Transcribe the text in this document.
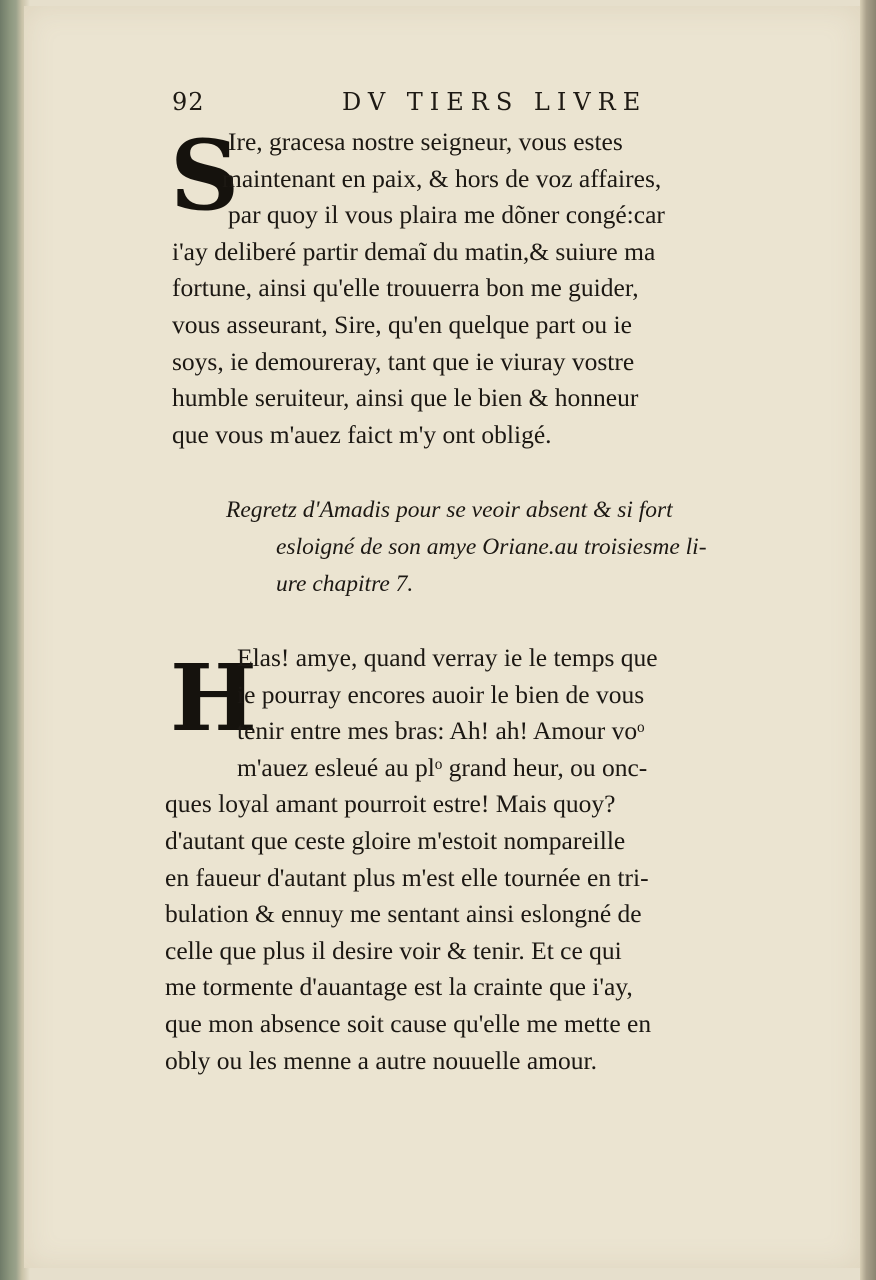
92	DV TIERS LIVRE
S
Ire, gracesa nostre seigneur, vous estes
maintenant en paix, & hors de voz affaires,
par quoy il vous plaira me dõner congé:car
i'ay deliberé partir demaĩ du matin,& suiure ma
fortune, ainsi qu'elle trouuerra bon me guider,
vous asseurant, Sire, qu'en quelque part ou ie
soys, ie demoureray, tant que ie viuray vostre
humble seruiteur, ainsi que le bien & honneur
que vous m'auez faict m'y ont obligé.
Regretz d'Amadis pour se veoir absent & si fort
esloigné de son amye Oriane.au troisiesme li-
ure chapitre 7.
H
Elas! amye, quand verray ie le temps que
ie pourray encores auoir le bien de vous
tenir entre mes bras: Ah! ah! Amour voᵒ
m'auez esleué au plᵒ grand heur, ou onc-
ques loyal amant pourroit estre! Mais quoy?
d'autant que ceste gloire m'estoit nompareille
en faueur d'autant plus m'est elle tournée en tri-
bulation & ennuy me sentant ainsi eslongné de
celle que plus il desire voir & tenir. Et ce qui
me tormente d'auantage est la crainte que i'ay,
que mon absence soit cause qu'elle me mette en
obly ou les menne a autre nouuelle amour.
